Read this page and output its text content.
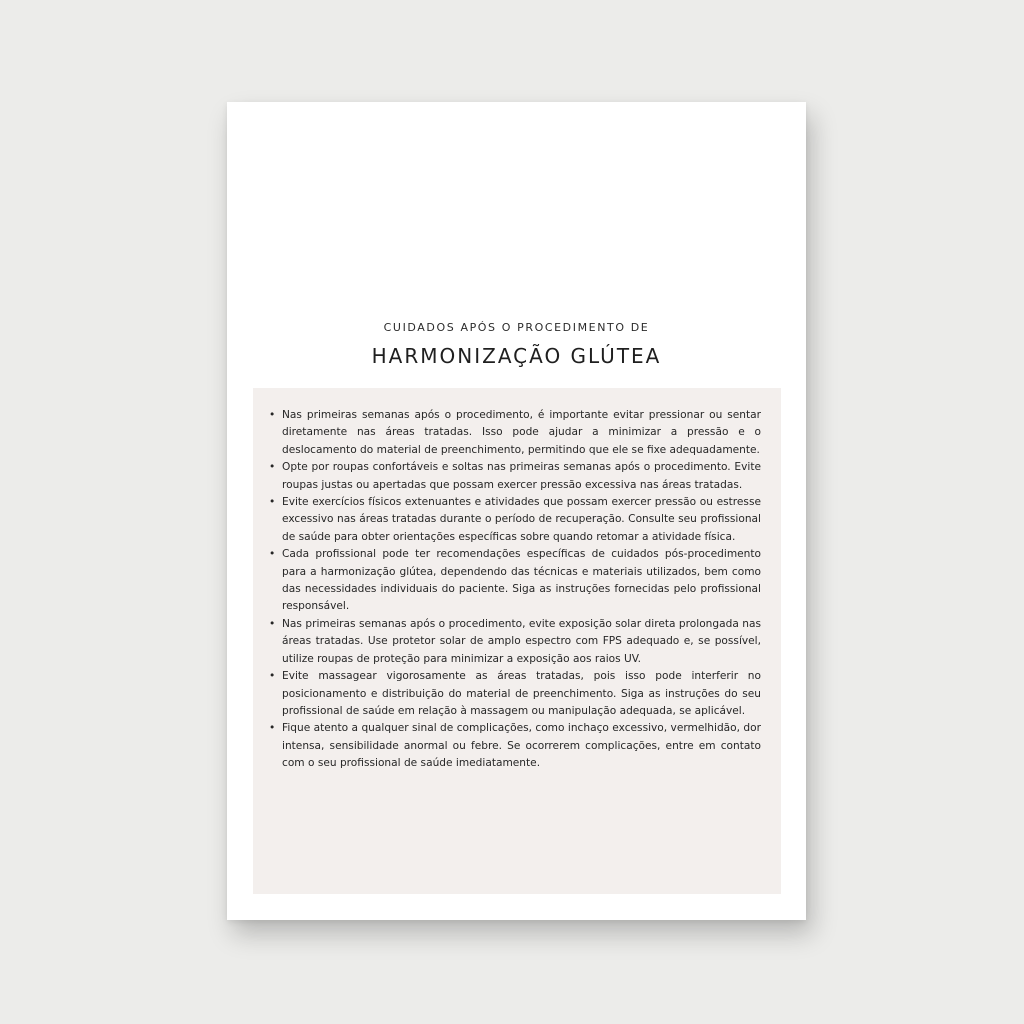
CUIDADOS APÓS O PROCEDIMENTO DE

HARMONIZAÇÃO GLÚTEA
• Nas primeiras semanas após o procedimento, é importante evitar pressionar ou sentar diretamente nas áreas tratadas. Isso pode ajudar a minimizar a pressão e o deslocamento do material de preenchimento, permitindo que ele se fixe adequadamente.
• Opte por roupas confortáveis e soltas nas primeiras semanas após o procedimento. Evite roupas justas ou apertadas que possam exercer pressão excessiva nas áreas tratadas.
• Evite exercícios físicos extenuantes e atividades que possam exercer pressão ou estresse excessivo nas áreas tratadas durante o período de recuperação. Consulte seu profissional de saúde para obter orientações específicas sobre quando retomar a atividade física.
• Cada profissional pode ter recomendações específicas de cuidados pós-procedimento para a harmonização glútea, dependendo das técnicas e materiais utilizados, bem como das necessidades individuais do paciente. Siga as instruções fornecidas pelo profissional responsável.
• Nas primeiras semanas após o procedimento, evite exposição solar direta prolongada nas áreas tratadas. Use protetor solar de amplo espectro com FPS adequado e, se possível, utilize roupas de proteção para minimizar a exposição aos raios UV.
• Evite massagear vigorosamente as áreas tratadas, pois isso pode interferir no posicionamento e distribuição do material de preenchimento. Siga as instruções do seu profissional de saúde em relação à massagem ou manipulação adequada, se aplicável.
• Fique atento a qualquer sinal de complicações, como inchaço excessivo, vermelhidão, dor intensa, sensibilidade anormal ou febre. Se ocorrerem complicações, entre em contato com o seu profissional de saúde imediatamente.
